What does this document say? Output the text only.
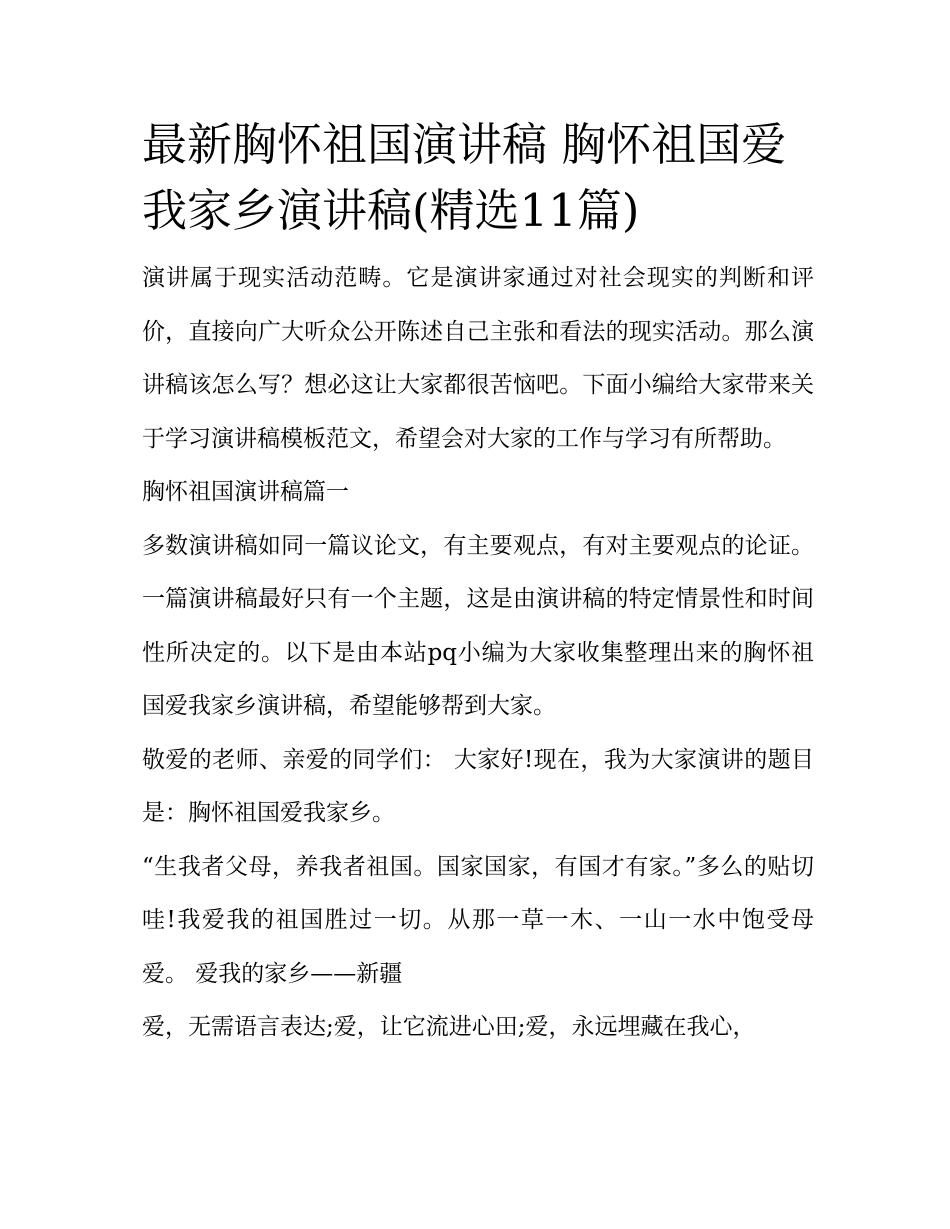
最新胸怀祖国演讲稿 胸怀祖国爱我家乡演讲稿(精选11篇)

演讲属于现实活动范畴。它是演讲家通过对社会现实的判断和评价，直接向广大听众公开陈述自己主张和看法的现实活动。那么演讲稿该怎么写？想必这让大家都很苦恼吧。下面小编给大家带来关于学习演讲稿模板范文，希望会对大家的工作与学习有所帮助。

胸怀祖国演讲稿篇一

多数演讲稿如同一篇议论文，有主要观点，有对主要观点的论证。一篇演讲稿最好只有一个主题，这是由演讲稿的特定情景性和时间性所决定的。以下是由本站pq小编为大家收集整理出来的胸怀祖国爱我家乡演讲稿，希望能够帮到大家。

敬爱的老师、亲爱的同学们： 大家好!现在，我为大家演讲的题目是：胸怀祖国爱我家乡。

“生我者父母，养我者祖国。国家国家，有国才有家。”多么的贴切哇!我爱我的祖国胜过一切。从那一草一木、一山一水中饱受母爱。 爱我的家乡——新疆

爱，无需语言表达;爱，让它流进心田;爱，永远埋藏在我心，
